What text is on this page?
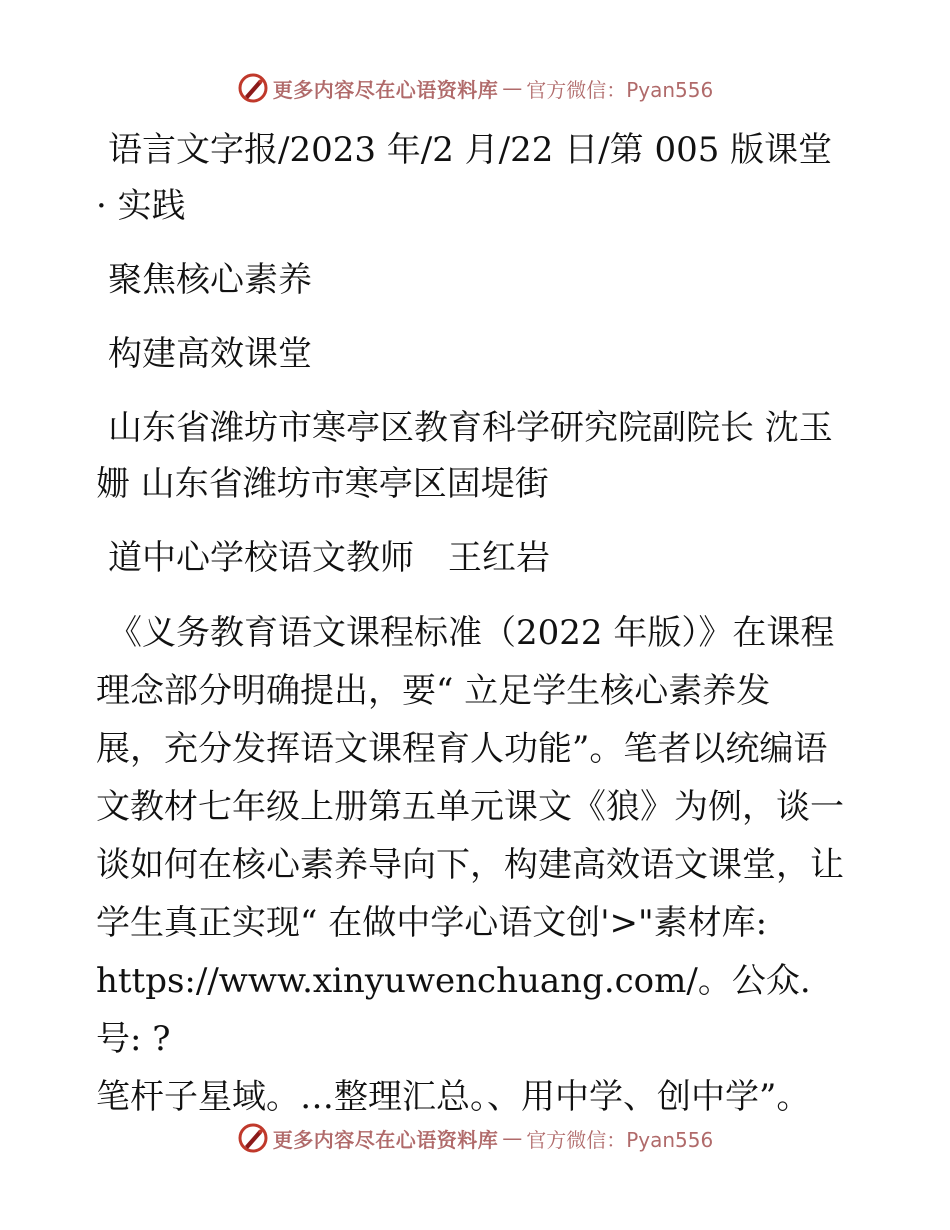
更多内容尽在心语资料库 — 官方微信：Pyan556
语言文字报/2023 年/2 月/22 日/第 005 版课堂
· 实践
聚焦核心素养
构建高效课堂
山东省潍坊市寒亭区教育科学研究院副院长 沈玉
姗 山东省潍坊市寒亭区固堤街
道中心学校语文教师　王红岩
《义务教育语文课程标准（2022 年版）》在课程
理念部分明确提出，要“ 立足学生核心素养发
展，充分发挥语文课程育人功能”。笔者以统编语
文教材七年级上册第五单元课文《狼》为例，谈一
谈如何在核心素养导向下，构建高效语文课堂，让
学生真正实现“ 在做中学心语文创'>"素材库:
https://www.xinyuwenchuang.com/。公众.号: ?
笔杆子星域。…整理汇总。、用中学、创中学”。
更多内容尽在心语资料库 — 官方微信：Pyan556
